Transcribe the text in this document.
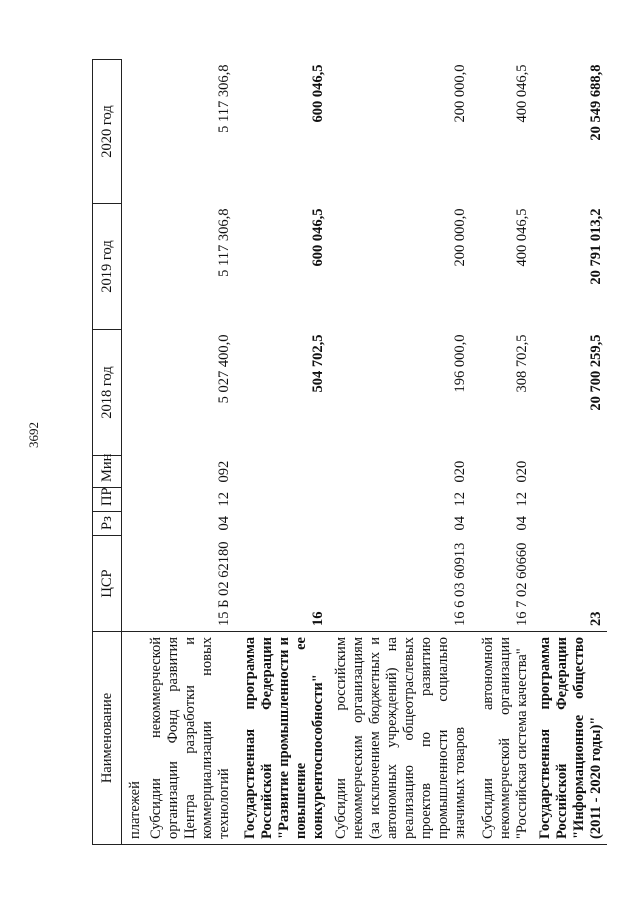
3692
Наименование	ЦСР	Рз	ПР	Мин	2018 год	2019 год	2020 год
платежей							
Субсидии некоммерческой организации Фонд развития Центра разработки и коммерциализации новых технологий	15 Б 02 62180	04	12	092	5 027 400,0	5 117 306,8	5 117 306,8
Государственная программа Российской Федерации "Развитие промышленности и повышение ее конкурентоспособности"	16				504 702,5	600 046,5	600 046,5
Субсидии российским некоммерческим организациям (за исключением бюджетных и автономных учреждений) на реализацию общеотраслевых проектов по развитию промышленности социально значимых товаров	16 6 03 60913	04	12	020	196 000,0	200 000,0	200 000,0
Субсидии автономной некоммерческой организации "Российская система качества"	16 7 02 60660	04	12	020	308 702,5	400 046,5	400 046,5
Государственная программа Российской Федерации "Информационное общество (2011 - 2020 годы)"	23				20 700 259,5	20 791 013,2	20 549 688,8
